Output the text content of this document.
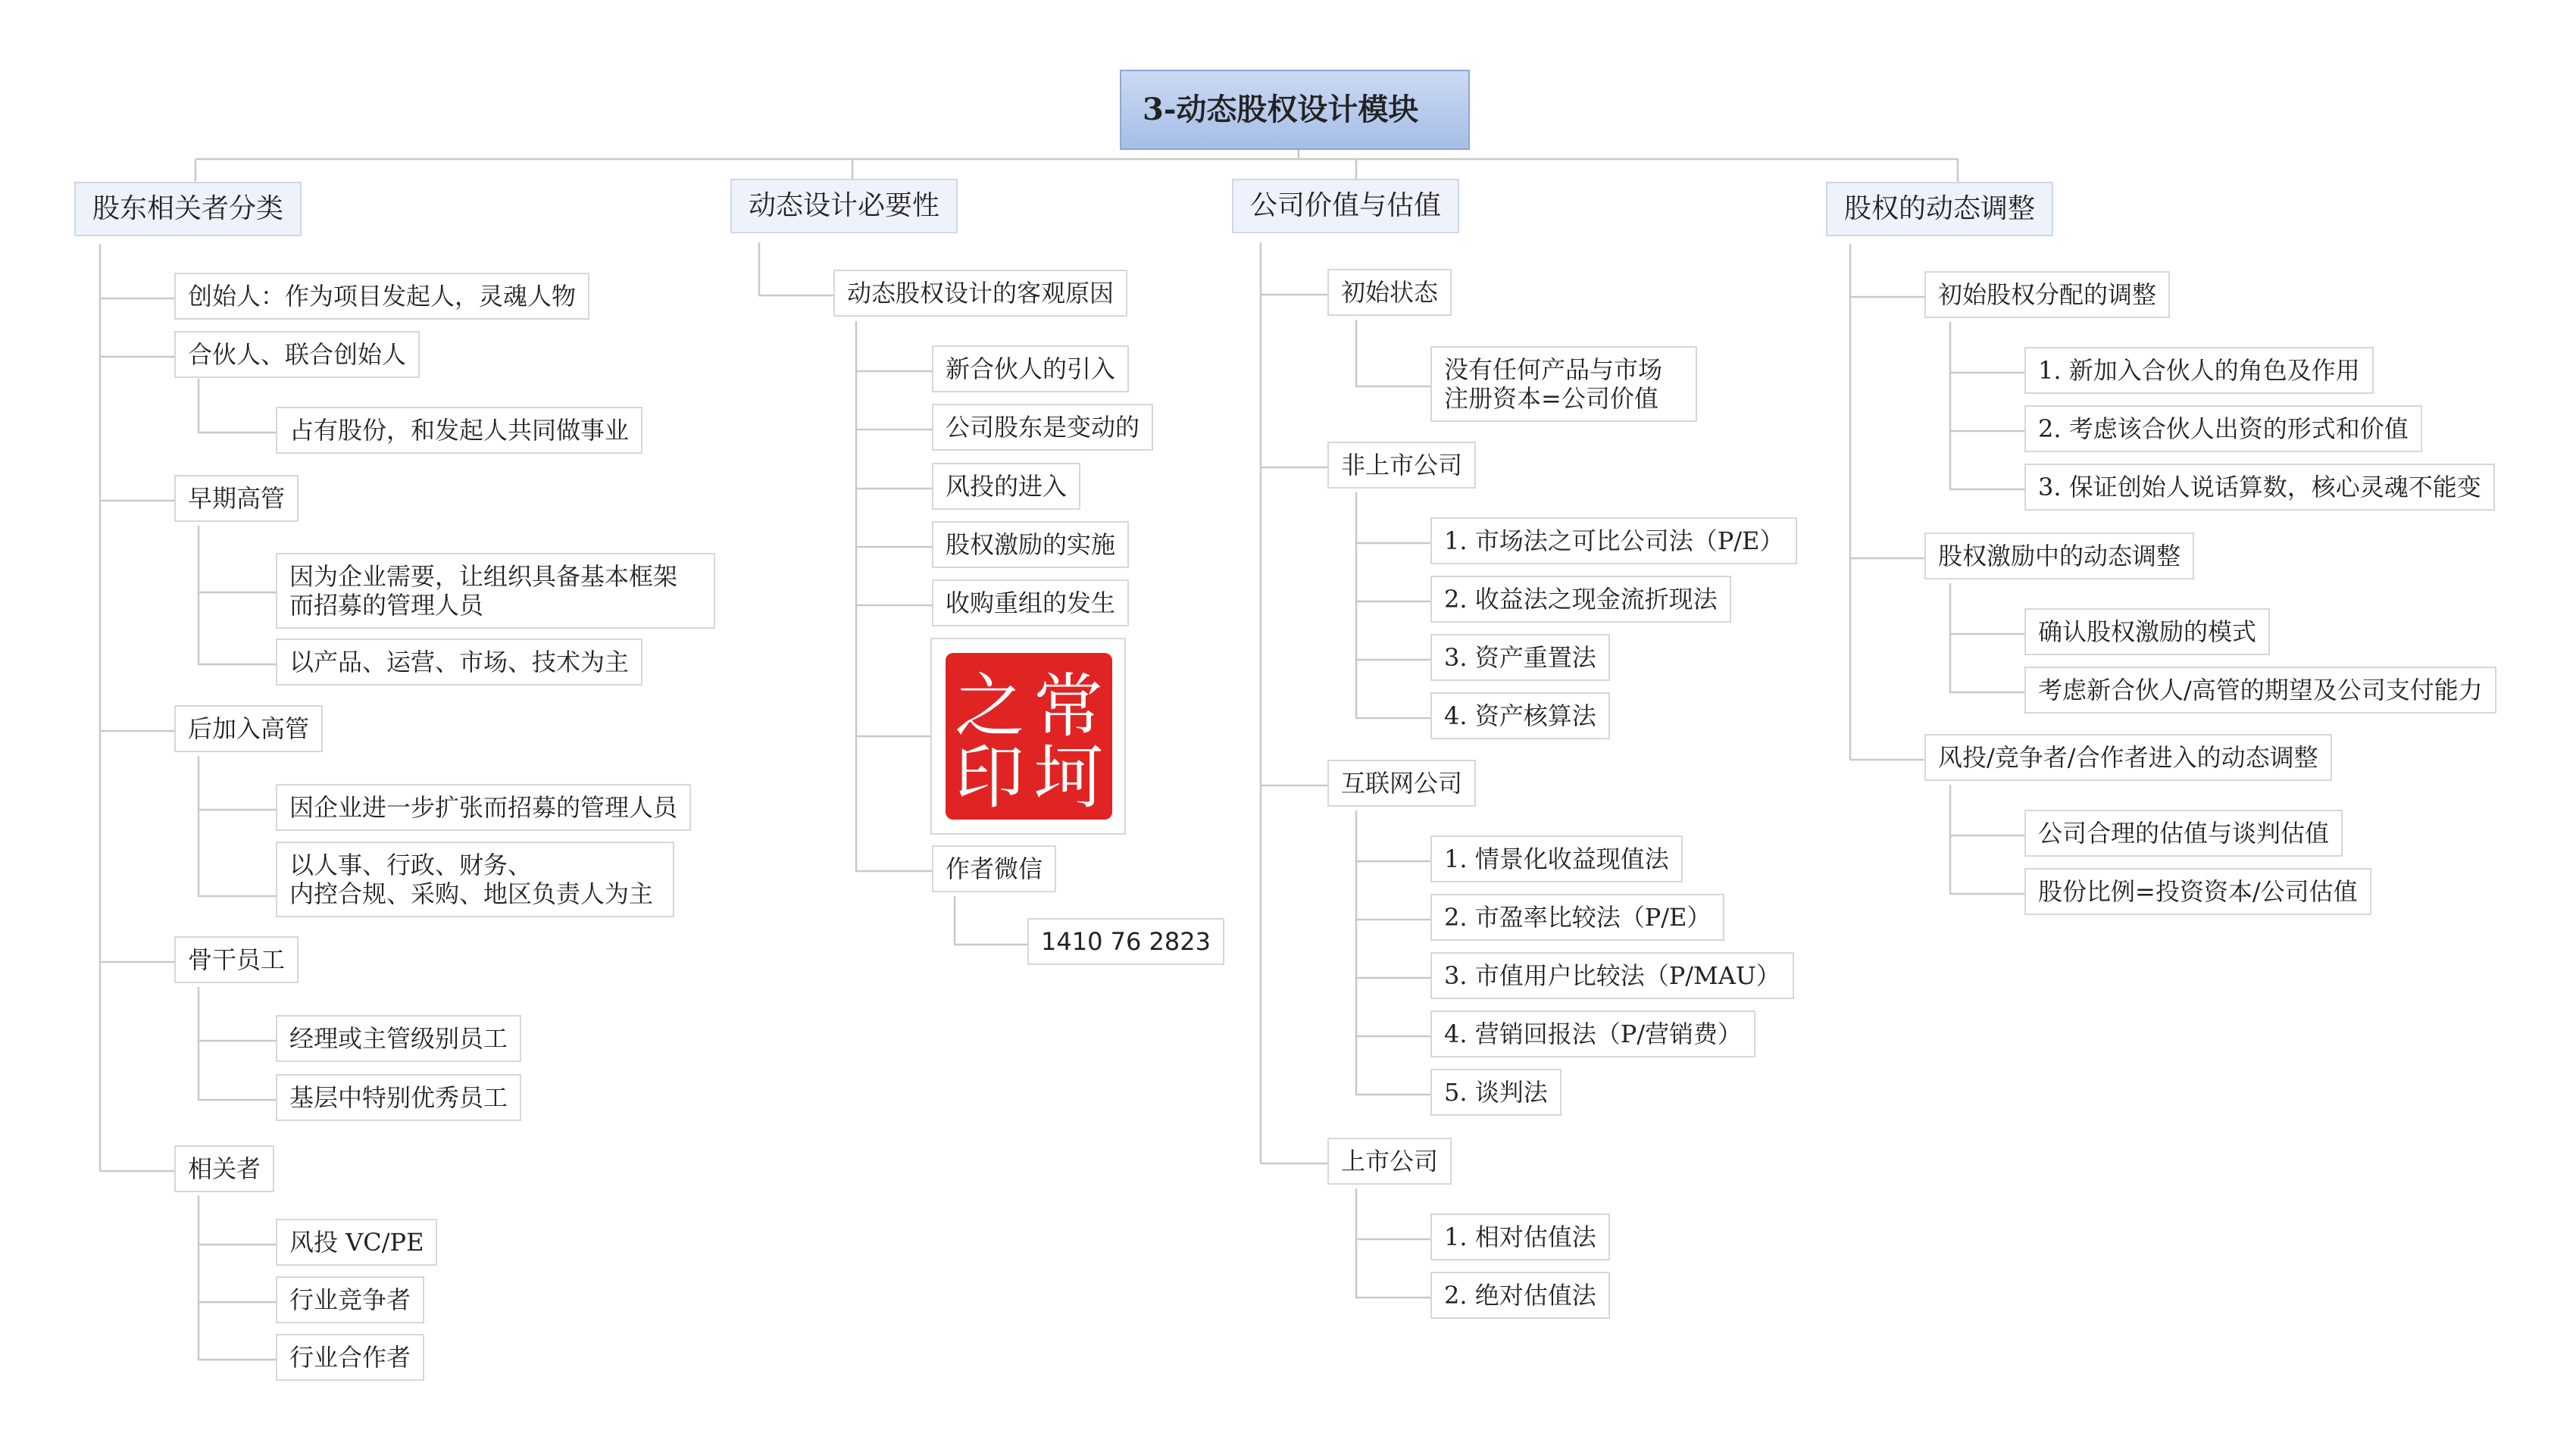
3-动态股权设计模块
股东相关者分类
创始人：作为项目发起人，灵魂人物
合伙人、联合创始人
占有股份，和发起人共同做事业
早期高管
因为企业需要，让组织具备基本框架
而招募的管理人员
以产品、运营、市场、技术为主
后加入高管
因企业进一步扩张而招募的管理人员
以人事、行政、财务、
内控合规、采购、地区负责人为主
骨干员工
经理或主管级别员工
基层中特别优秀员工
相关者
风投 VC/PE
行业竞争者
行业合作者
动态设计必要性
动态股权设计的客观原因
新合伙人的引入
公司股东是变动的
风投的进入
股权激励的实施
收购重组的发生
常
坷
之
印
作者微信
1410 76 2823
公司价值与估值
初始状态
没有任何产品与市场
注册资本=公司价值
非上市公司
1. 市场法之可比公司法（P/E）
2. 收益法之现金流折现法
3. 资产重置法
4. 资产核算法
互联网公司
1. 情景化收益现值法
2. 市盈率比较法（P/E）
3. 市值用户比较法（P/MAU）
4. 营销回报法（P/营销费）
5. 谈判法
上市公司
1. 相对估值法
2. 绝对估值法
股权的动态调整
初始股权分配的调整
1. 新加入合伙人的角色及作用
2. 考虑该合伙人出资的形式和价值
3. 保证创始人说话算数，核心灵魂不能变
股权激励中的动态调整
确认股权激励的模式
考虑新合伙人/高管的期望及公司支付能力
风投/竞争者/合作者进入的动态调整
公司合理的估值与谈判估值
股份比例=投资资本/公司估值
